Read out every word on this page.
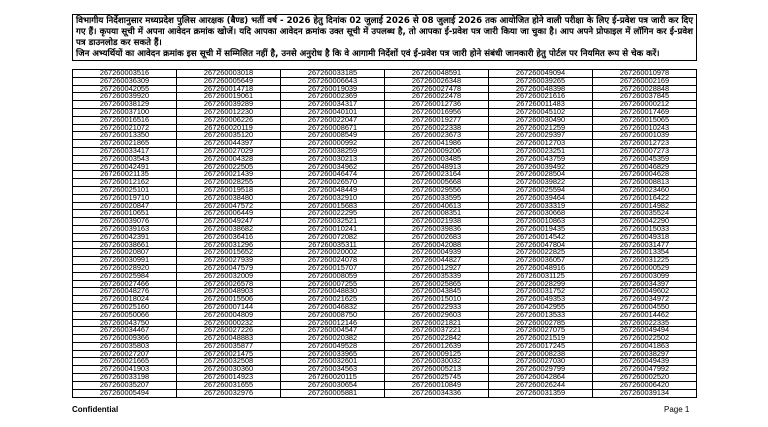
विभागीय निर्देशानुसार मध्यप्रदेश पुलिस आरक्षक (बैण्ड) भर्ती वर्ष - 2026 हेतु दिनांक 02 जुलाई 2026 से 08 जुलाई 2026 तक आयोजित होने वाली परीक्षा के लिए ई-प्रवेश पत्र जारी कर दिए गए हैं। कृपया सूची में अपना आवेदन क्रमांक खोजें। यदि आपका आवेदन क्रमांक उक्त सूची में उपलब्ध है, तो आपका ई-प्रवेश पत्र जारी किया जा चुका है। आप अपने प्रोफाइल में लॉगिन कर ई-प्रवेश पत्र डाउनलोड कर सकते हैं।

जिन अभ्यर्थियों का आवेदन क्रमांक इस सूची में सम्मिलित नहीं है, उनसे अनुरोध है कि वे आगामी निर्देशों एवं ई-प्रवेश पत्र जारी होने संबंधी जानकारी हेतु पोर्टल पर नियमित रूप से चेक करें।

267260003516	267260003018	267260033185	267260048591	267260049094	267260010978
267260036309	267260005649	267260006643	267260026348	267260039265	267260002169
267260042055	267260014718	267260019039	267260027478	267260048398	267260028848
267260039920	267260019061	267260002369	267260022478	267260021616	267260037845
267260038129	267260039289	267260034317	267260012736	267260011483	267260000212
267260037100	267260012230	267260040101	267260016956	267260045102	267260017469
267260016516	267260006226	267260022047	267260019277	267260030490	267260015065
267260021072	267260020119	267260008671	267260022338	267260021259	267260010243
267260013350	267260035120	267260008549	267260023673	267260029397	267260001039
267260021865	267260044397	267260000992	267260041986	267260012703	267260012723
267260033417	267260027029	267260038259	267260009206	267260023251	267260007273
267260003543	267260004328	267260030213	267260003485	267260043759	267260045359
267260042491	267260022505	267260034962	267260048913	267260039492	267260046829
267260021135	267260021439	267260046474	267260023164	267260028504	267260004628
267260012162	267260028255	267260026570	267260005668	267260039822	267260008813
267260025101	267260019518	267260048449	267260029556	267260025594	267260023460
267260019710	267260038480	267260032910	267260033595	267260039464	267260016422
267260020847	267260047572	267260015683	267260040613	267260033319	267260014982
267260010651	267260006449	267260022295	267260008351	267260030668	267260035524
267260039076	267260049247	267260032521	267260021938	267260010863	267260042290
267260039163	267260038682	267260010241	267260039836	267260019435	267260015033
267260042391	267260036416	267260072082	267260002683	267260014542	267260049318
267260038661	267260031296	267260035311	267260042088	267260047804	267260031477
267260020807	267260015652	267260020002	267260004939	267260022825	267260013354
267260030991	267260027939	267260024078	267260044827	267260036057	267260031225
267260028920	267260047579	267260015707	267260012927	267260048916	267260000529
267260025984	267260032009	267260008059	267260035339	267260031125	267260003099
267260027466	267260026578	267260007255	267260025865	267260028299	267260034397
267260048276	267260048903	267260048830	267260043845	267260031752	267260049602
267260018024	267260015506	267260021625	267260015010	267260049353	267260034972
267260025160	267260007144	267260046832	267260022933	267260042955	267260004550
267260050066	267260004809	267260008750	267260029603	267260013533	267260014462
267260043750	267260000232	267260012146	267260021821	267260002785	267260022335
267260034467	267260027226	267260004547	267260037221	267260027075	267260049494
267260009366	267260048883	267260020382	267260022842	267260021519	267260022502
267260035803	267260035877	267260049528	267260012639	267260017245	267260041863
267260027207	267260021475	267260033965	267260009125	267260008238	267260038297
267260021665	267260032508	267260032601	267260030032	267260027030	267260049439
267260041903	267260030360	267260034563	267260005213	267260029799	267260047992
267260033198	267260014923	267260020115	267260025745	267260042864	267260002520
267260035207	267260031655	267260030654	267260010849	267260026244	267260006420
267260005494	267260032976	267260005881	267260034336	267260031359	267260039134
Confidential	Page 1
